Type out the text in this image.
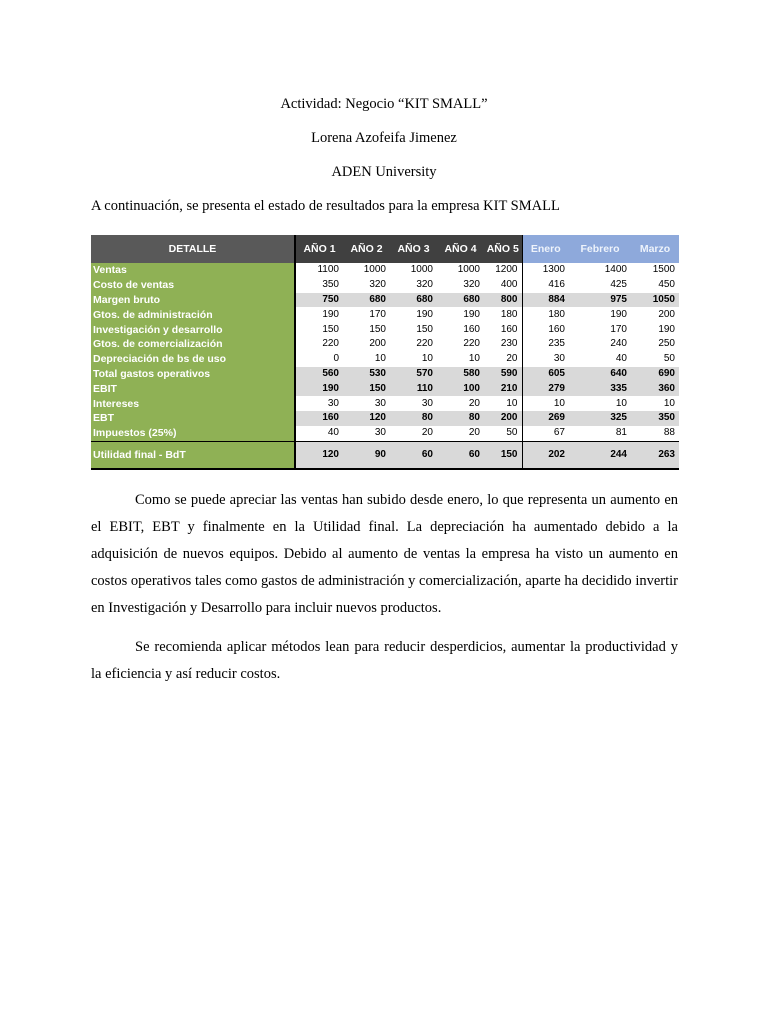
Actividad: Negocio “KIT SMALL”
Lorena Azofeifa Jimenez
ADEN University
A continuación, se presenta el estado de resultados para la empresa KIT SMALL
DETALLE	AÑO 1	AÑO 2	AÑO 3	AÑO 4	AÑO 5	Enero	Febrero	Marzo
Ventas	1100	1000	1000	1000	1200	1300	1400	1500
Costo de ventas	350	320	320	320	400	416	425	450
Margen bruto	750	680	680	680	800	884	975	1050
Gtos. de administración	190	170	190	190	180	180	190	200
Investigación y desarrollo	150	150	150	160	160	160	170	190
Gtos. de comercialización	220	200	220	220	230	235	240	250
Depreciación de bs de uso	0	10	10	10	20	30	40	50
Total gastos operativos	560	530	570	580	590	605	640	690
EBIT	190	150	110	100	210	279	335	360
Intereses	30	30	30	20	10	10	10	10
EBT	160	120	80	80	200	269	325	350
Impuestos (25%)	40	30	20	20	50	67	81	88
Utilidad final - BdT	120	90	60	60	150	202	244	263

Como se puede apreciar las ventas han subido desde enero, lo que representa un aumento en el EBIT, EBT y finalmente en la Utilidad final. La depreciación ha aumentado debido a la adquisición de nuevos equipos. Debido al aumento de ventas la empresa ha visto un aumento en costos operativos tales como gastos de administración y comercialización, aparte ha decidido invertir en Investigación y Desarrollo para incluir nuevos productos.

Se recomienda aplicar métodos lean para reducir desperdicios, aumentar la productividad y la eficiencia y así reducir costos.
